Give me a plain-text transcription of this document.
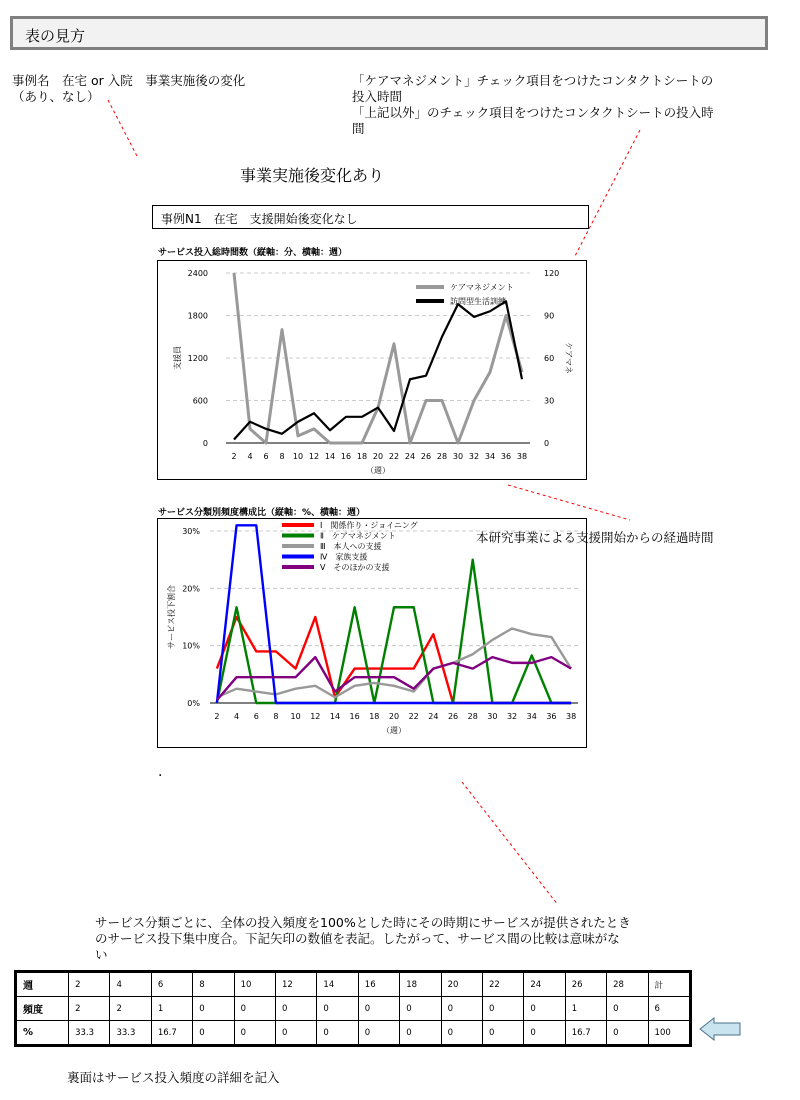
表の見方
事例名　在宅 or 入院　事業実施後の変化
（あり、なし）
「ケアマネジメント」チェック項目をつけたコンタクトシートの
投入時間
「上記以外」のチェック項目をつけたコンタクトシートの投入時
間
事業実施後変化あり
事例N1　在宅　支援開始後変化なし
0
600
1200
1800
2400
0
30
60
90
120
2 4 6 8 10 12 14 16 18 20 22 24 26 28 30 32 34 36 38
（週）
支援員	ケアマネ
ケアマネジメント
訪問型生活訓練
サービス投入総時間数（縦軸：分、横軸：週）
0%
10%
20%
30%
2 4 6 8 10 12 14 16 18 20 22 24 26 28 30 32 34 36 38
（週）
サービス投下割合
Ⅰ　関係作り・ジョイニング
Ⅱ　ケアマネジメント
Ⅲ　本人への支援
Ⅳ　家族支援
Ⅴ　そのほかの支援
サービス分類別頻度構成比（縦軸：%、横軸：週）
本研究事業による支援開始からの経過時間
.
サービス分類ごとに、全体の投入頻度を100%とした時にその時期にサービスが提供されたとき
のサービス投下集中度合。下記矢印の数値を表記。したがって、サービス間の比較は意味がな
い
週	2	4	6	8	10	12	14	16	18	20	22	24	26	28	計
頻度	2	2	1	0	0	0	0	0	0	0	0	0	1	0	6
%	33.3	33.3	16.7	0	0	0	0	0	0	0	0	0	16.7	0	100
裏面はサービス投入頻度の詳細を記入
